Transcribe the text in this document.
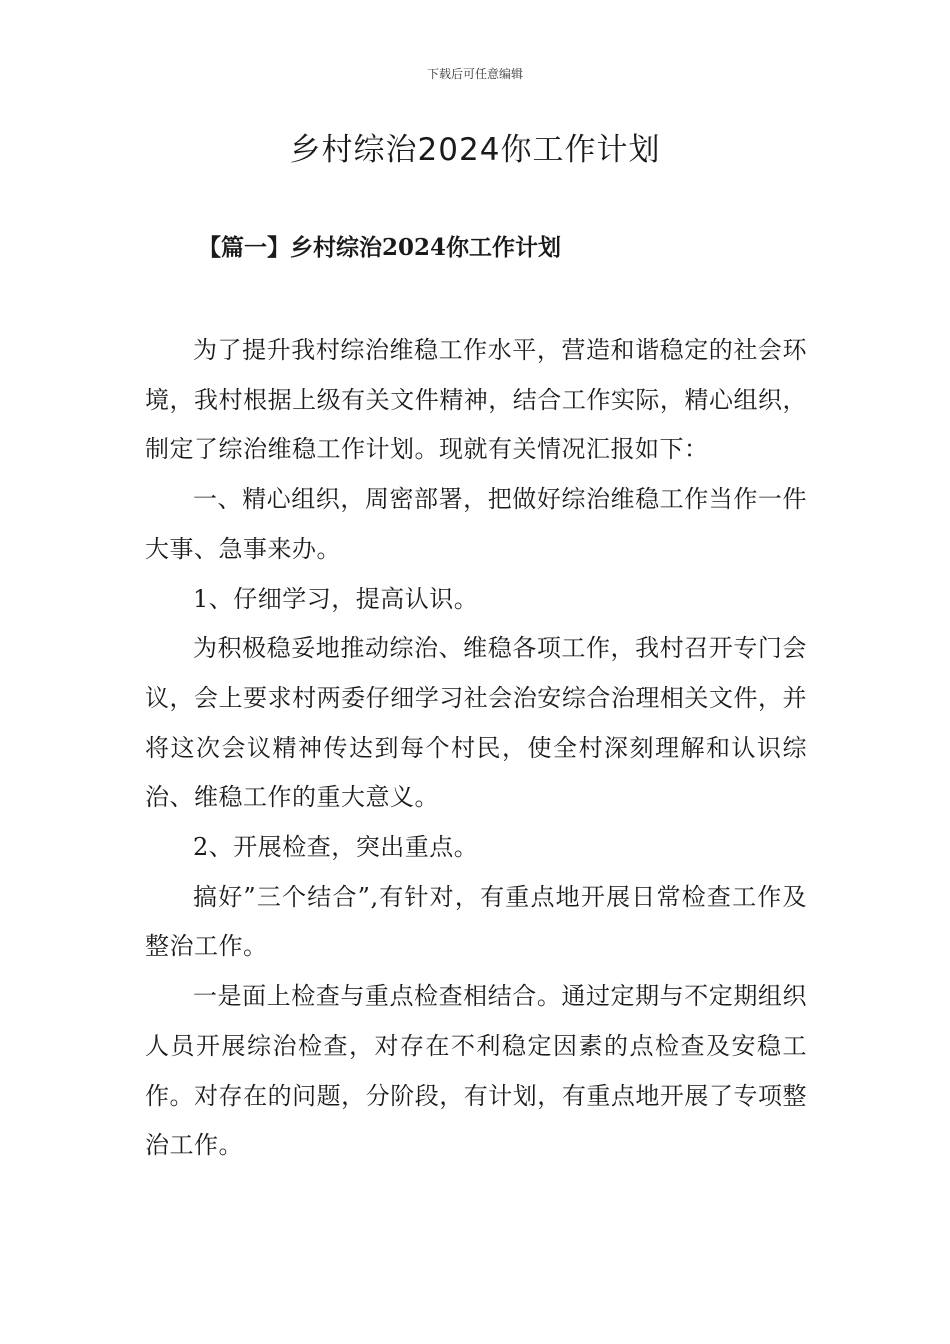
下载后可任意编辑
乡村综治2024你工作计划
【篇一】乡村综治2024你工作计划

为了提升我村综治维稳工作水平，营造和谐稳定的社会环境，我村根据上级有关文件精神，结合工作实际，精心组织，制定了综治维稳工作计划。现就有关情况汇报如下：

一、精心组织，周密部署，把做好综治维稳工作当作一件大事、急事来办。

1、仔细学习，提高认识。

为积极稳妥地推动综治、维稳各项工作，我村召开专门会议，会上要求村两委仔细学习社会治安综合治理相关文件，并将这次会议精神传达到每个村民，使全村深刻理解和认识综治、维稳工作的重大意义。

2、开展检查，突出重点。

搞好”三个结合”,有针对，有重点地开展日常检查工作及整治工作。

一是面上检查与重点检查相结合。通过定期与不定期组织人员开展综治检查，对存在不利稳定因素的点检查及安稳工作。对存在的问题，分阶段，有计划，有重点地开展了专项整治工作。
